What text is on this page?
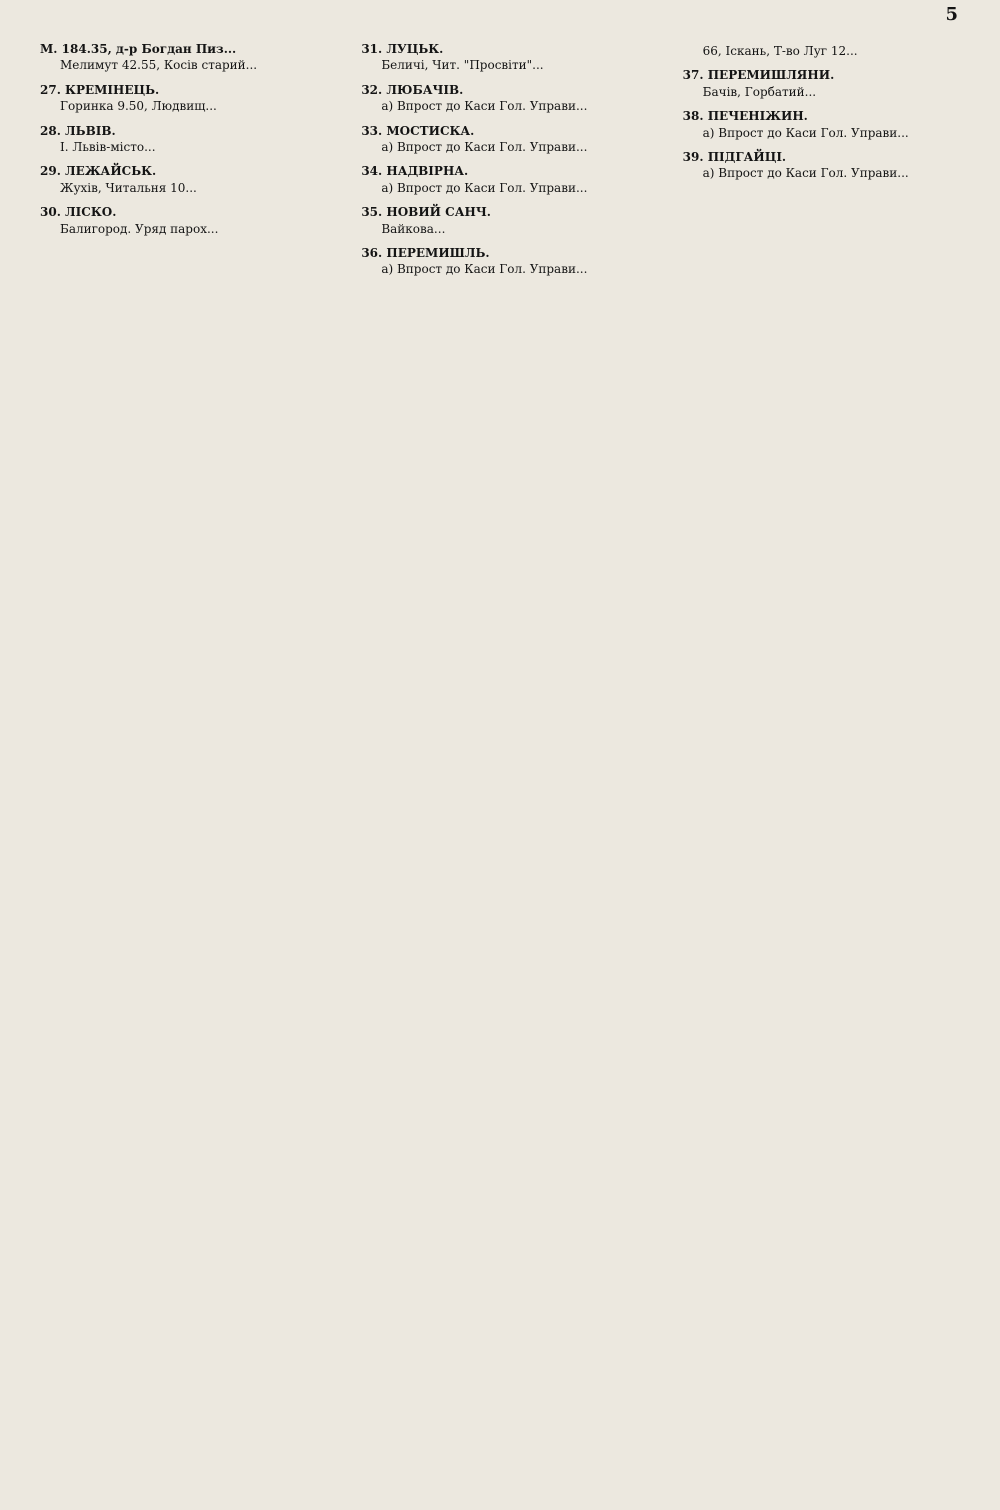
5
М. 184.35, д-р Богдан Пиз...
Мелимут 42.55, Косів старий...
27. КРЕМІНЕЦЬ.
Горинка 9.50, Людвищ...
28. ЛЬВІВ.
І. Львів-місто...
29. ЛЕЖАЙСЬК.
Жухів, Читальня 10...
30. ЛІСКО.
Балигород. Уряд парох...
31. ЛУЦЬК.
Беличі, Чит. "Просвіти"...
32. ЛЮБАЧІВ.
а) Впрост до Каси Гол. Управи...
33. МОСТИСКА.
а) Впрост до Каси Гол. Управи...
34. НАДВІРНА.
а) Впрост до Каси Гол. Управи...
35. НОВИЙ САНЧ.
Вайкова...
36. ПЕРЕМИШЛЬ.
а) Впрост до Каси Гол. Управи...
66, Іскань, Т-во Луг 12...
37. ПЕРЕМИШЛЯНИ.
Бачів, Горбатий...
38. ПЕЧЕНІЖИН.
а) Впрост до Каси Гол. Управи...
39. ПІДГАЙЦІ.
а) Впрост до Каси Гол. Управи...
